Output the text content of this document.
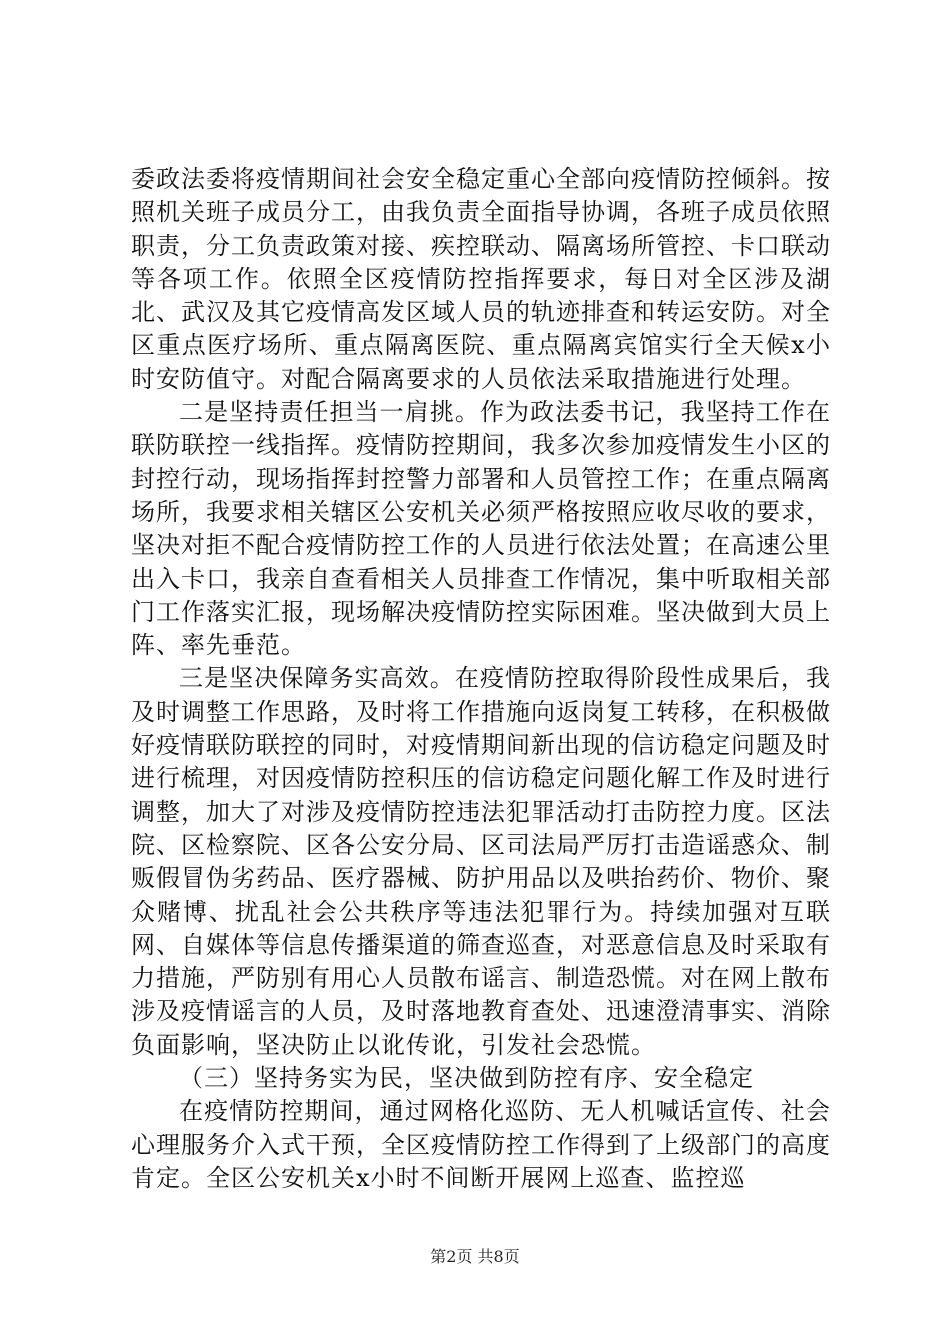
委政法委将疫情期间社会安全稳定重心全部向疫情防控倾斜。按照机关班子成员分工，由我负责全面指导协调，各班子成员依照职责，分工负责政策对接、疾控联动、隔离场所管控、卡口联动等各项工作。依照全区疫情防控指挥要求，每日对全区涉及湖北、武汉及其它疫情高发区域人员的轨迹排查和转运安防。对全区重点医疗场所、重点隔离医院、重点隔离宾馆实行全天候x小时安防值守。对配合隔离要求的人员依法采取措施进行处理。

二是坚持责任担当一肩挑。作为政法委书记，我坚持工作在联防联控一线指挥。疫情防控期间，我多次参加疫情发生小区的封控行动，现场指挥封控警力部署和人员管控工作；在重点隔离场所，我要求相关辖区公安机关必须严格按照应收尽收的要求，坚决对拒不配合疫情防控工作的人员进行依法处置；在高速公里出入卡口，我亲自查看相关人员排查工作情况，集中听取相关部门工作落实汇报，现场解决疫情防控实际困难。坚决做到大员上阵、率先垂范。

三是坚决保障务实高效。在疫情防控取得阶段性成果后，我及时调整工作思路，及时将工作措施向返岗复工转移，在积极做好疫情联防联控的同时，对疫情期间新出现的信访稳定问题及时进行梳理，对因疫情防控积压的信访稳定问题化解工作及时进行调整，加大了对涉及疫情防控违法犯罪活动打击防控力度。区法院、区检察院、区各公安分局、区司法局严厉打击造谣惑众、制贩假冒伪劣药品、医疗器械、防护用品以及哄抬药价、物价、聚众赌博、扰乱社会公共秩序等违法犯罪行为。持续加强对互联网、自媒体等信息传播渠道的筛查巡查，对恶意信息及时采取有力措施，严防别有用心人员散布谣言、制造恐慌。对在网上散布涉及疫情谣言的人员，及时落地教育查处、迅速澄清事实、消除负面影响，坚决防止以讹传讹，引发社会恐慌。

（三）坚持务实为民，坚决做到防控有序、安全稳定

在疫情防控期间，通过网格化巡防、无人机喊话宣传、社会心理服务介入式干预，全区疫情防控工作得到了上级部门的高度肯定。全区公安机关x小时不间断开展网上巡查、监控巡

第2页 共8页
